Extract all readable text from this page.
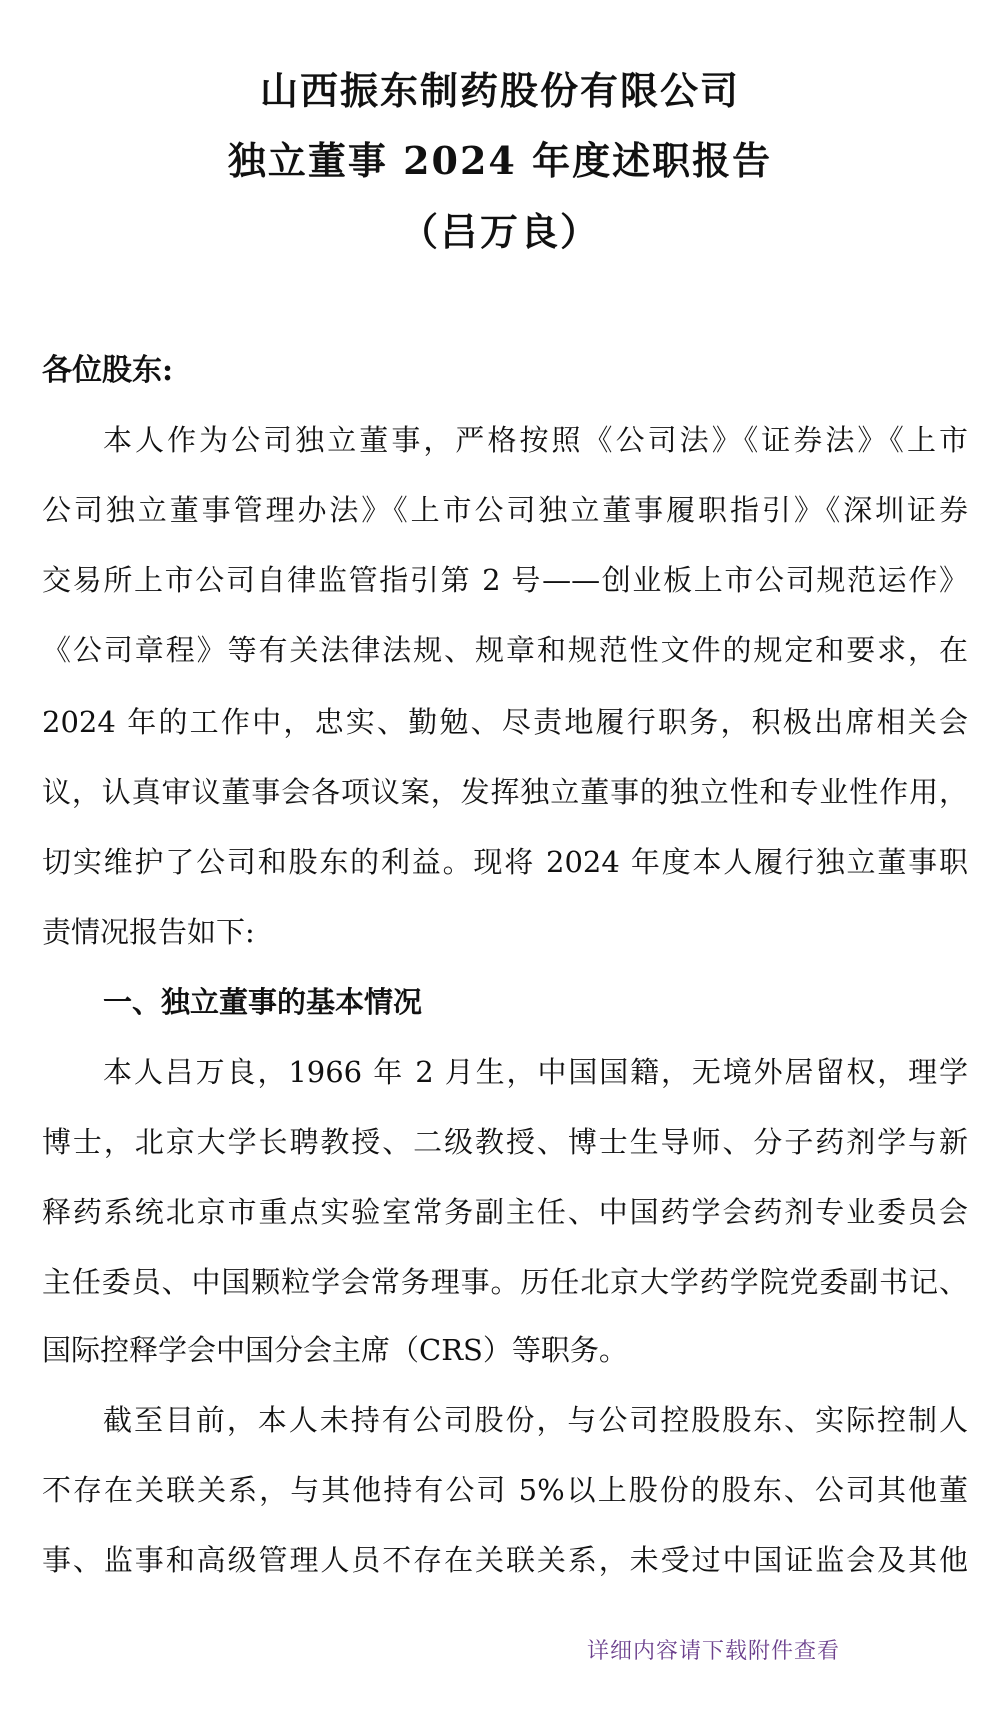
山西振东制药股份有限公司
独立董事 2024 年度述职报告
（吕万良）
各位股东:
本人作为公司独立董事，严格按照《公司法》《证券法》《上市
公司独立董事管理办法》《上市公司独立董事履职指引》《深圳证券
交易所上市公司自律监管指引第 2 号——创业板上市公司规范运作》
《公司章程》等有关法律法规、规章和规范性文件的规定和要求，在
2024 年的工作中，忠实、勤勉、尽责地履行职务，积极出席相关会
议，认真审议董事会各项议案，发挥独立董事的独立性和专业性作用，
切实维护了公司和股东的利益。现将 2024 年度本人履行独立董事职
责情况报告如下:
一、独立董事的基本情况
本人吕万良，1966 年 2 月生，中国国籍，无境外居留权，理学
博士，北京大学长聘教授、二级教授、博士生导师、分子药剂学与新
释药系统北京市重点实验室常务副主任、中国药学会药剂专业委员会
主任委员、中国颗粒学会常务理事。历任北京大学药学院党委副书记、
国际控释学会中国分会主席（CRS）等职务。
截至目前，本人未持有公司股份，与公司控股股东、实际控制人
不存在关联关系，与其他持有公司 5%以上股份的股东、公司其他董
事、监事和高级管理人员不存在关联关系，未受过中国证监会及其他
详细内容请下载附件查看
